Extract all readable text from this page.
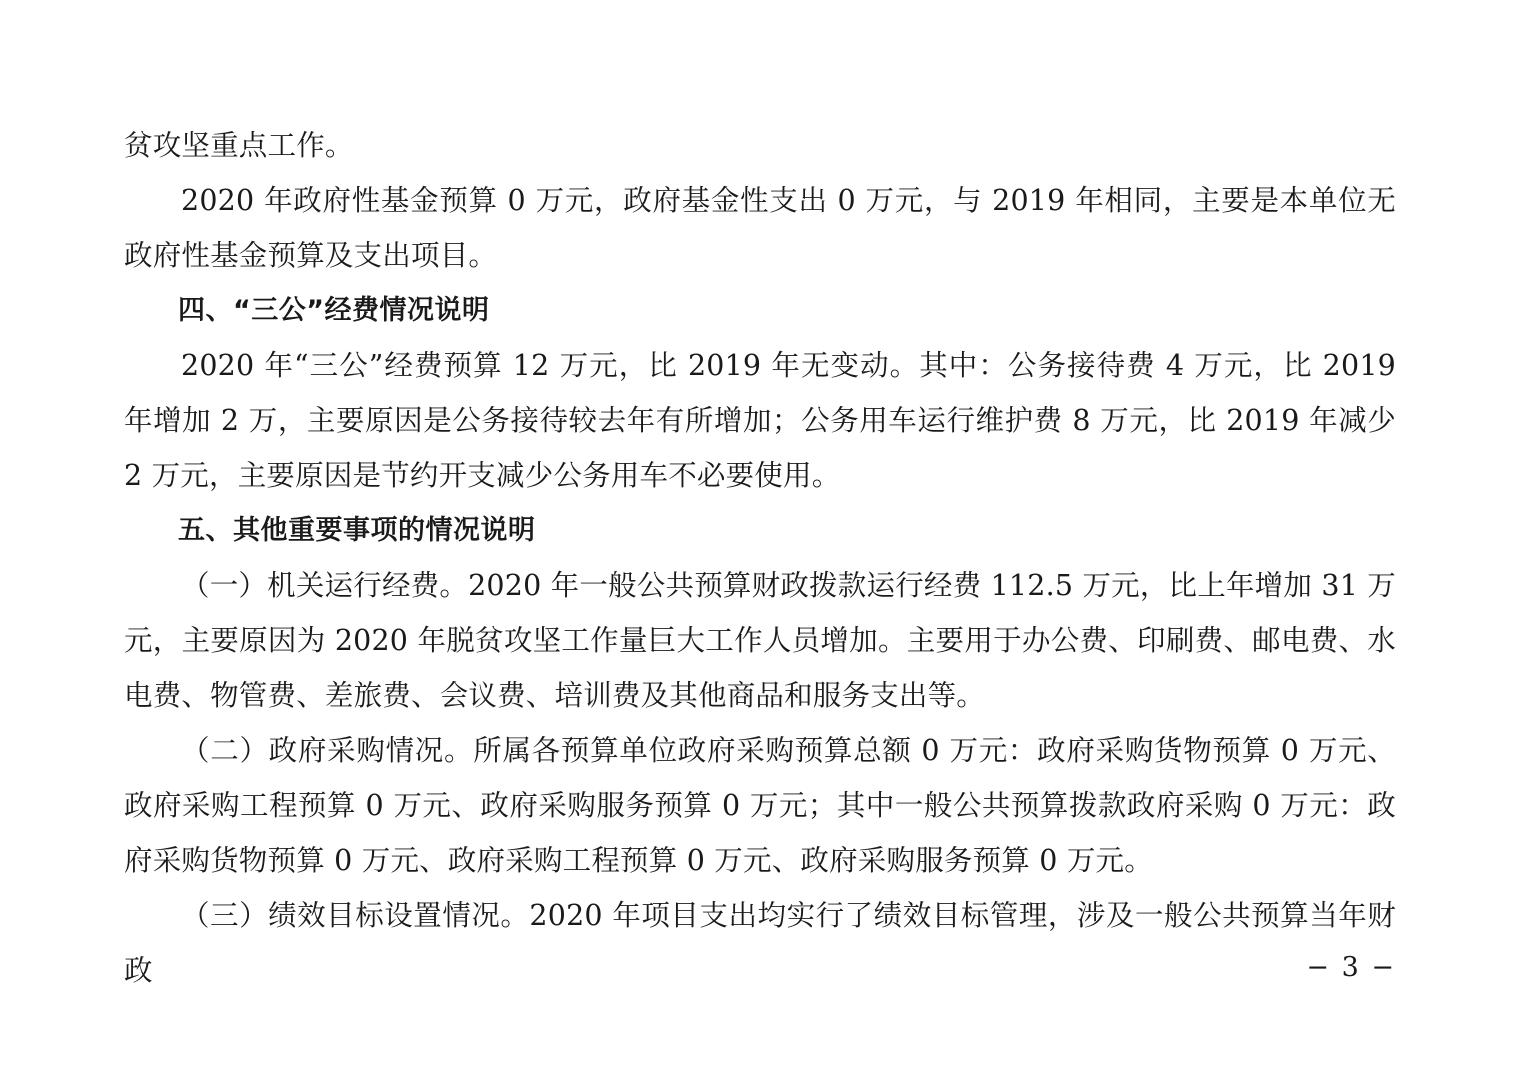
贫攻坚重点工作。

2020 年政府性基金预算 0 万元，政府基金性支出 0 万元，与 2019 年相同，主要是本单位无政府性基金预算及支出项目。

四、“三公”经费情况说明

2020 年“三公”经费预算 12 万元，比 2019 年无变动。其中：公务接待费 4 万元，比 2019 年增加 2 万，主要原因是公务接待较去年有所增加；公务用车运行维护费 8 万元，比 2019 年减少 2 万元，主要原因是节约开支减少公务用车不必要使用。

五、其他重要事项的情况说明

（一）机关运行经费。2020 年一般公共预算财政拨款运行经费 112.5 万元，比上年增加 31 万元，主要原因为 2020 年脱贫攻坚工作量巨大工作人员增加。主要用于办公费、印刷费、邮电费、水电费、物管费、差旅费、会议费、培训费及其他商品和服务支出等。

（二）政府采购情况。所属各预算单位政府采购预算总额 0 万元：政府采购货物预算 0 万元、政府采购工程预算 0 万元、政府采购服务预算 0 万元；其中一般公共预算拨款政府采购 0 万元：政府采购货物预算 0 万元、政府采购工程预算 0 万元、政府采购服务预算 0 万元。

（三）绩效目标设置情况。2020 年项目支出均实行了绩效目标管理，涉及一般公共预算当年财政	− 3 −
